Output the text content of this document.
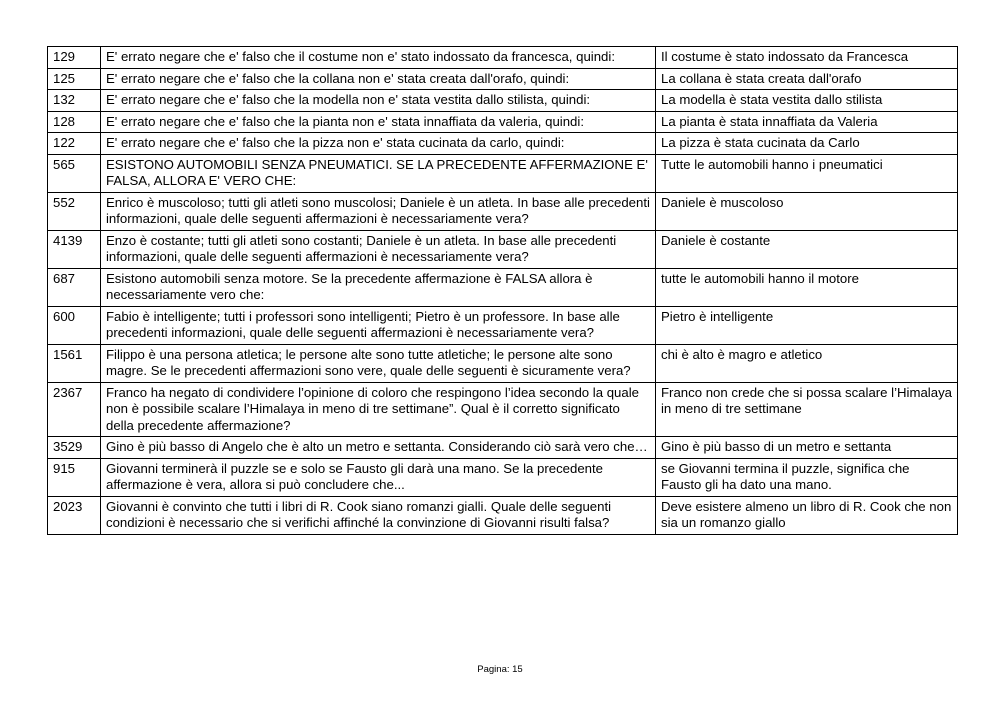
129	E' errato negare che e' falso che il costume non e' stato indossato da francesca, quindi:	Il costume è stato indossato da Francesca
125	E' errato negare che e' falso che la collana non e' stata creata dall'orafo, quindi:	La collana è stata creata dall'orafo
132	E' errato negare che e' falso che la modella non e' stata vestita dallo stilista, quindi:	La modella è stata vestita dallo stilista
128	E' errato negare che e' falso che la pianta non e' stata innaffiata da valeria, quindi:	La pianta è stata innaffiata da Valeria
122	E' errato negare che e' falso che la pizza non e' stata cucinata da carlo, quindi:	La pizza è stata cucinata da Carlo
565	ESISTONO AUTOMOBILI SENZA PNEUMATICI. SE LA PRECEDENTE AFFERMAZIONE E' FALSA, ALLORA E' VERO CHE:	Tutte le automobili hanno i pneumatici
552	Enrico è muscoloso; tutti gli atleti sono muscolosi; Daniele è un atleta. In base alle precedenti informazioni, quale delle seguenti affermazioni è necessariamente vera?	Daniele è muscoloso
4139	Enzo è costante; tutti gli atleti sono costanti; Daniele è un atleta. In base alle precedenti informazioni, quale delle seguenti affermazioni è necessariamente vera?	Daniele è costante
687	Esistono automobili senza motore. Se la precedente affermazione è FALSA allora è necessariamente vero che:	tutte le automobili hanno il motore
600	Fabio è intelligente; tutti i professori sono intelligenti; Pietro è un professore. In base alle precedenti informazioni, quale delle seguenti affermazioni è necessariamente vera?	Pietro è intelligente
1561	Filippo è una persona atletica; le persone alte sono tutte atletiche; le persone alte sono magre. Se le precedenti affermazioni sono vere, quale delle seguenti è sicuramente vera?	chi è alto è magro e atletico
2367	Franco ha negato di condividere l’opinione di coloro che respingono l’idea secondo la quale non è possibile scalare l’Himalaya in meno di tre settimane”. Qual è il corretto significato della precedente affermazione?	Franco non crede che si possa scalare l’Himalaya in meno di tre settimane
3529	Gino è più basso di Angelo che è alto un metro e settanta. Considerando ciò sarà vero che…	Gino è più basso di un metro e settanta
915	Giovanni terminerà il puzzle se e solo se Fausto gli darà una mano. Se la precedente affermazione è vera, allora si può concludere che...	se Giovanni termina il puzzle, significa che Fausto gli ha dato una mano.
2023	Giovanni è convinto che tutti i libri di R. Cook siano romanzi gialli. Quale delle seguenti condizioni è necessario che si verifichi affinché la convinzione di Giovanni risulti falsa?	Deve esistere almeno un libro di R. Cook che non sia un romanzo giallo
Pagina: 15
